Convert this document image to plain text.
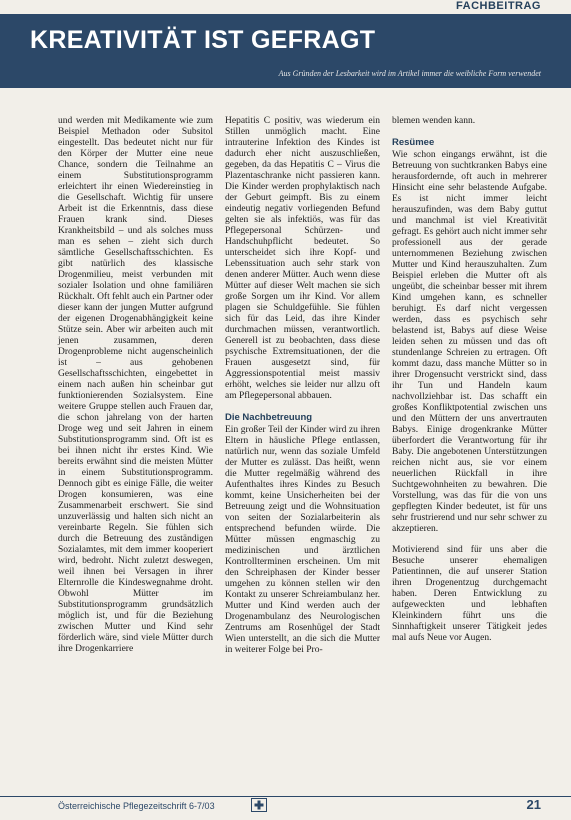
FACHBEITRAG
KREATIVITÄT IST GEFRAGT
Aus Gründen der Lesbarkeit wird im Artikel immer die weibliche Form verwendet

und werden mit Medikamente wie zum Beispiel Methadon oder Subsitol eingestellt. Das bedeutet nicht nur für den Körper der Mutter eine neue Chance, sondern die Teilnahme an einem Substitutionsprogramm erleichtert ihr einen Wiedereinstieg in die Gesellschaft. Wichtig für unsere Arbeit ist die Erkenntnis, dass diese Frauen krank sind. Dieses Krankheitsbild – und als solches muss man es sehen – zieht sich durch sämtliche Gesellschaftsschichten. Es gibt natürlich des klassische Drogenmilieu, meist verbunden mit sozialer Isolation und ohne familiären Rückhalt. Oft fehlt auch ein Partner oder dieser kann der jungen Mutter aufgrund der eigenen Drogenabhängigkeit keine Stütze sein. Aber wir arbeiten auch mit jenen zusammen, deren Drogenprobleme nicht augenscheinlich ist – aus gehobenen Gesellschaftsschichten, eingebettet in einem nach außen hin scheinbar gut funktionierenden Sozialsystem. Eine weitere Gruppe stellen auch Frauen dar, die schon jahrelang von der harten Droge weg und seit Jahren in einem Substitutionsprogramm sind. Oft ist es bei ihnen nicht ihr erstes Kind. Wie bereits erwähnt sind die meisten Mütter in einem Substitutionsprogramm. Dennoch gibt es einige Fälle, die weiter Drogen konsumieren, was eine Zusammenarbeit erschwert. Sie sind unzuverlässig und halten sich nicht an vereinbarte Regeln. Sie fühlen sich durch die Betreuung des zuständigen Sozialamtes, mit dem immer kooperiert wird, bedroht. Nicht zuletzt deswegen, weil ihnen bei Versagen in ihrer Elternrolle die Kindeswegnahme droht. Obwohl Mütter im Substitutionsprogramm grundsätzlich möglich ist, und für die Beziehung zwischen Mutter und Kind sehr förderlich wäre, sind viele Mütter durch ihre Drogenkarriere

Hepatitis C positiv, was wiederum ein Stillen unmöglich macht. Eine intrauterine Infektion des Kindes ist dadurch eher nicht auszuschließen, gegeben, da das Hepatitis C – Virus die Plazentaschranke nicht passieren kann. Die Kinder werden prophylaktisch nach der Geburt geimpft. Bis zu einem eindeutig negativ vorliegenden Befund gelten sie als infektiös, was für das Pflegepersonal Schürzen- und Handschuhpflicht bedeutet. So unterscheidet sich ihre Kopf- und Lebenssituation auch sehr stark von denen anderer Mütter. Auch wenn diese Mütter auf dieser Welt machen sie sich große Sorgen um ihr Kind. Vor allem plagen sie Schuldgefühle. Sie fühlen sich für das Leid, das ihre Kinder durchmachen müssen, verantwortlich. Generell ist zu beobachten, dass diese psychische Extremsituationen, der die Frauen ausgesetzt sind, für Aggressionspotential meist massiv erhöht, welches sie leider nur allzu oft am Pflegepersonal abbauen.

Die Nachbetreuung

Ein großer Teil der Kinder wird zu ihren Eltern in häusliche Pflege entlassen, natürlich nur, wenn das soziale Umfeld der Mutter es zulässt. Das heißt, wenn die Mutter regelmäßig während des Aufenthaltes ihres Kindes zu Besuch kommt, keine Unsicherheiten bei der Betreuung zeigt und die Wohnsituation von seiten der Sozialarbeiterin als entsprechend befunden würde. Die Mütter müssen engmaschig zu medizinischen und ärztlichen Kontrollterminen erscheinen. Um mit den Schreiphasen der Kinder besser umgehen zu können stellen wir den Kontakt zu unserer Schreiambulanz her. Mutter und Kind werden auch der Drogenambulanz des Neurologischen Zentrums am Rosenhügel der Stadt Wien unterstellt, an die sich die Mutter in weiterer Folge bei Pro-

blemen wenden kann.

Resümee

Wie schon eingangs erwähnt, ist die Betreuung von suchtkranken Babys eine herausfordernde, oft auch in mehrerer Hinsicht eine sehr belastende Aufgabe. Es ist nicht immer leicht herauszufinden, was dem Baby guttut und manchmal ist viel Kreativität gefragt. Es gehört auch nicht immer sehr professionell aus der gerade unternommenen Beziehung zwischen Mutter und Kind herauszuhalten. Zum Beispiel erleben die Mutter oft als ungeübt, die scheinbar besser mit ihrem Kind umgehen kann, es schneller beruhigt. Es darf nicht vergessen werden, dass es psychisch sehr belastend ist, Babys auf diese Weise leiden sehen zu müssen und das oft stundenlange Schreien zu ertragen. Oft kommt dazu, dass manche Mütter so in ihrer Drogensucht verstrickt sind, dass ihr Tun und Handeln kaum nachvollziehbar ist. Das schafft ein großes Konfliktpotential zwischen uns und den Müttern der uns anvertrauten Babys. Einige drogenkranke Mütter überfordert die Verantwortung für ihr Baby. Die angebotenen Unterstützungen reichen nicht aus, sie vor einem neuerlichen Rückfall in ihre Suchtgewohnheiten zu bewahren. Die Vorstellung, was das für die von uns gepflegten Kinder bedeutet, ist für uns sehr frustrierend und nur sehr schwer zu akzeptieren.

Motivierend sind für uns aber die Besuche unserer ehemaligen Patientinnen, die auf unserer Station ihren Drogenentzug durchgemacht haben. Deren Entwicklung zu aufgeweckten und lebhaften Kleinkindern führt uns die Sinnhaftigkeit unserer Tätigkeit jedes mal aufs Neue vor Augen.

Österreichische Pflegezeitschrift 6-7/03	21
